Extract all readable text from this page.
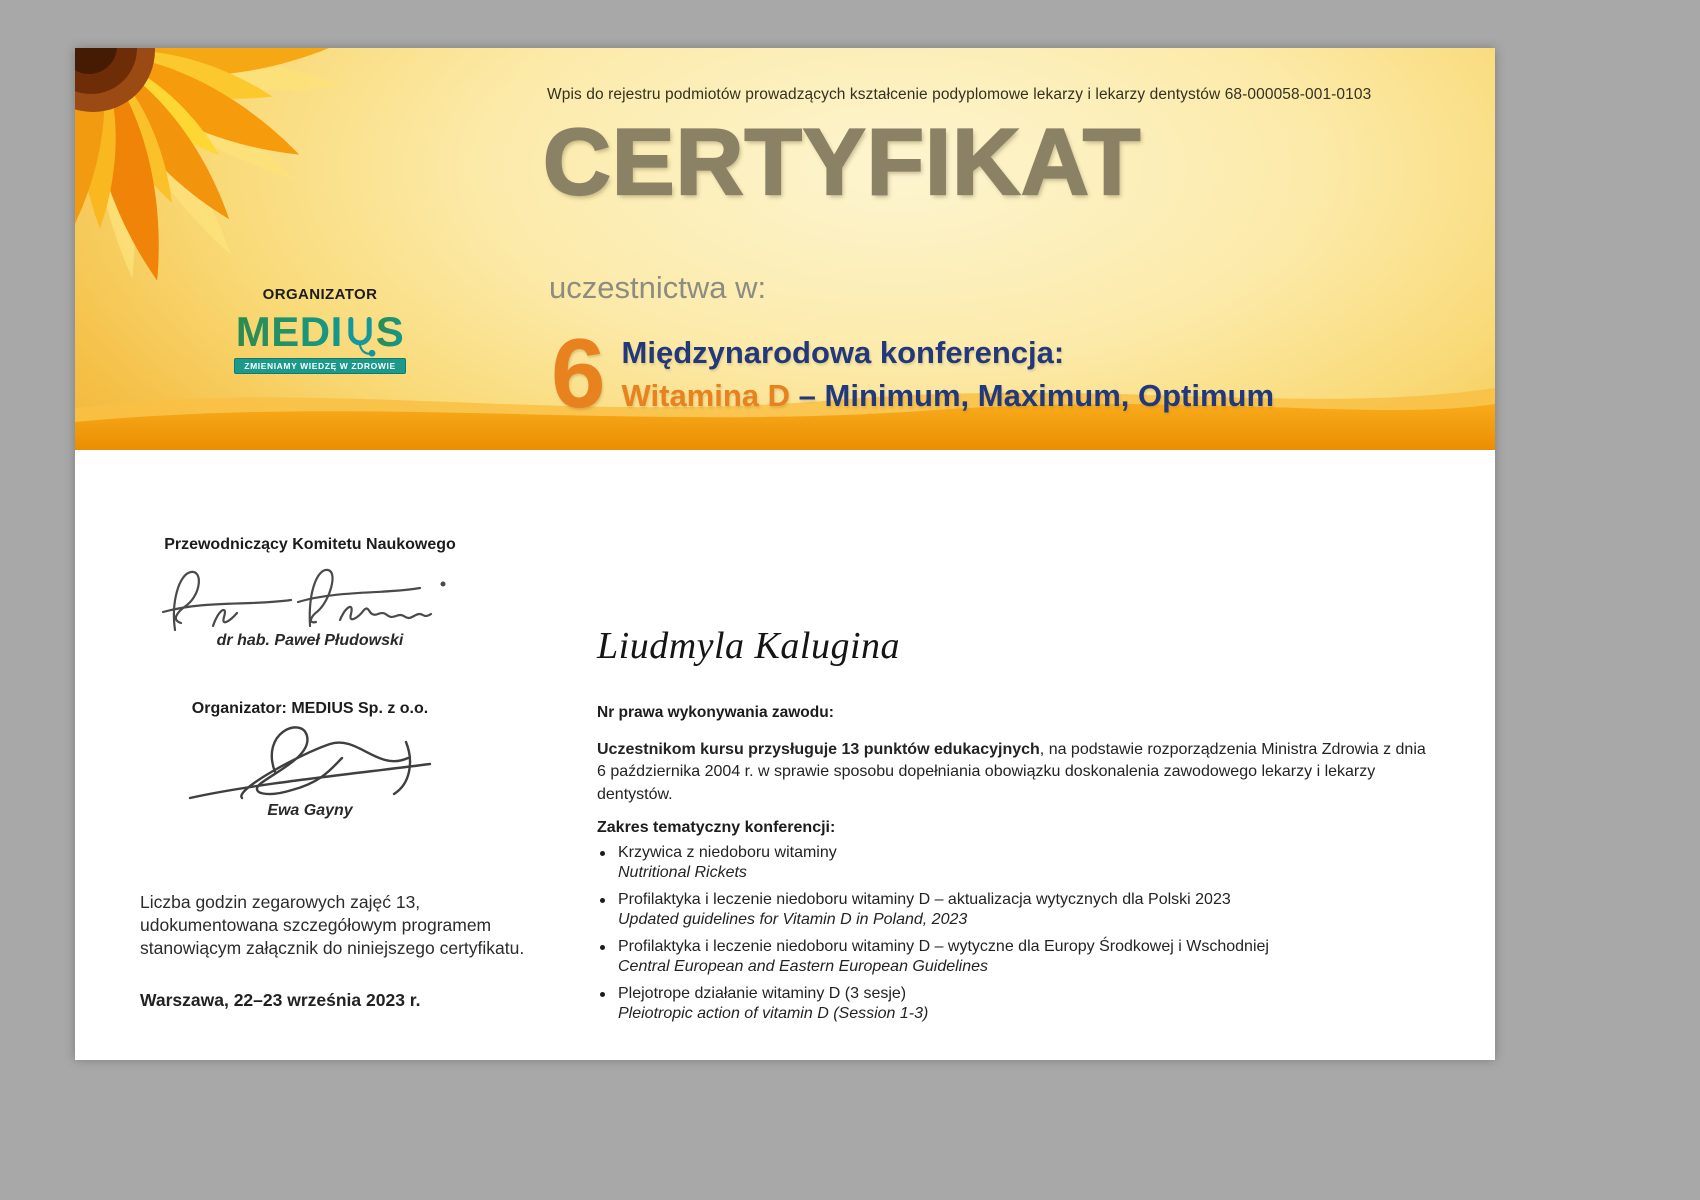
Wpis do rejestru podmiotów prowadzących kształcenie podyplomowe lekarzy i lekarzy dentystów 68-000058-001-0103
CERTYFIKAT
uczestnictwa w:
6 Międzynarodowa konferencja:
Witamina D – Minimum, Maximum, Optimum
ORGANIZATOR
MEDI S
ZMIENIAMY WIEDZĘ W ZDROWIE
Przewodniczący Komitetu Naukowego
dr hab. Paweł Płudowski
Organizator: MEDIUS Sp. z o.o.
Ewa Gayny
Liczba godzin zegarowych zajęć 13, udokumentowana szczegółowym programem stanowiącym załącznik do niniejszego certyfikatu.
Warszawa, 22–23 września 2023 r.
Liudmyla Kalugina
Nr prawa wykonywania zawodu:
Uczestnikom kursu przysługuje 13 punktów edukacyjnych, na podstawie rozporządzenia Ministra Zdrowia z dnia 6 października 2004 r. w sprawie sposobu dopełniania obowiązku doskonalenia zawodowego lekarzy i lekarzy dentystów.
Zakres tematyczny konferencji:
Krzywica z niedoboru witaminy
Nutritional Rickets
Profilaktyka i leczenie niedoboru witaminy D – aktualizacja wytycznych dla Polski 2023
Updated guidelines for Vitamin D in Poland, 2023
Profilaktyka i leczenie niedoboru witaminy D – wytyczne dla Europy Środkowej i Wschodniej
Central European and Eastern European Guidelines
Plejotrope działanie witaminy D (3 sesje)
Pleiotropic action of vitamin D (Session 1-3)
